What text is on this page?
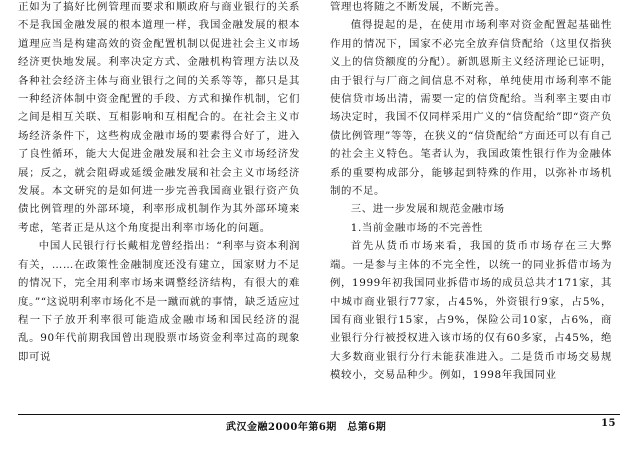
正如为了搞好比例管理而要求和顺政府与商业银行的关系不是我国金融发展的根本道理一样，我国金融发展的根本道理应当是构建高效的资金配置机制以促进社会主义市场经济更快地发展。利率决定方式、金融机构管理方法以及各种社会经济主体与商业银行之间的关系等等，都只是其一种经济体制中资金配置的手段、方式和操作机制，它们之间是相互关联、互相影响和互相配合的。在社会主义市场经济条件下，这些构成金融市场的要素得合好了，进入了良性循环，能大大促进金融发展和社会主义市场经济发展；反之，就会阻碍或延缓金融发展和社会主义市场经济发展。本文研究的是如何进一步完善我国商业银行资产负债比例管理的外部环境，利率形成机制作为其外部环境来考虑，笔者正是从这个角度提出利率市场化的问题。

中国人民银行行长戴相龙曾经指出：“利率与资本利润有关，……在政策性金融制度还没有建立，国家财力不足的情况下，完全用利率市场来调整经济结构，有很大的难度。”“这说明利率市场化不是一蹴而就的事情，缺乏适应过程一下子放开利率很可能造成金融市场和国民经济的混乱。90年代前期我国曾出现股票市场资金利率过高的现象即可说

管理也将随之不断发展，不断完善。

值得提起的是，在使用市场利率对资金配置起基础性作用的情况下，国家不必完全放弃信贷配给（这里仅指狭义上的信贷额度的分配）。新凯恩斯主义经济理论已证明，由于银行与厂商之间信息不对称，单纯使用市场利率不能使信贷市场出清，需要一定的信贷配给。当利率主要由市场决定时，我国不仅同样采用广义的“信贷配给”即“资产负债比例管理”等等，在狭义的“信贷配给”方面还可以有自己的社会主义特色。笔者认为，我国政策性银行作为金融体系的重要构成部分，能够起到特殊的作用，以弥补市场机制的不足。

三、进一步发展和规范金融市场

1.当前金融市场的不完善性

首先从货币市场来看，我国的货币市场存在三大弊端。一是参与主体的不完全性，以统一的同业拆借市场为例，1999年初我国同业拆借市场的成员总共才171家，其中城市商业银行77家，占45%，外资银行9家，占5%，国有商业银行15家，占9%，保险公司10家，占6%，商业银行分行被授权进入该市场的仅有60多家，占45%，绝大多数商业银行分行未能获准进入。二是货币市场交易规模较小，交易品种少。例如，1998年我国同业

武汉金融2000年第6期　总第6期	15
